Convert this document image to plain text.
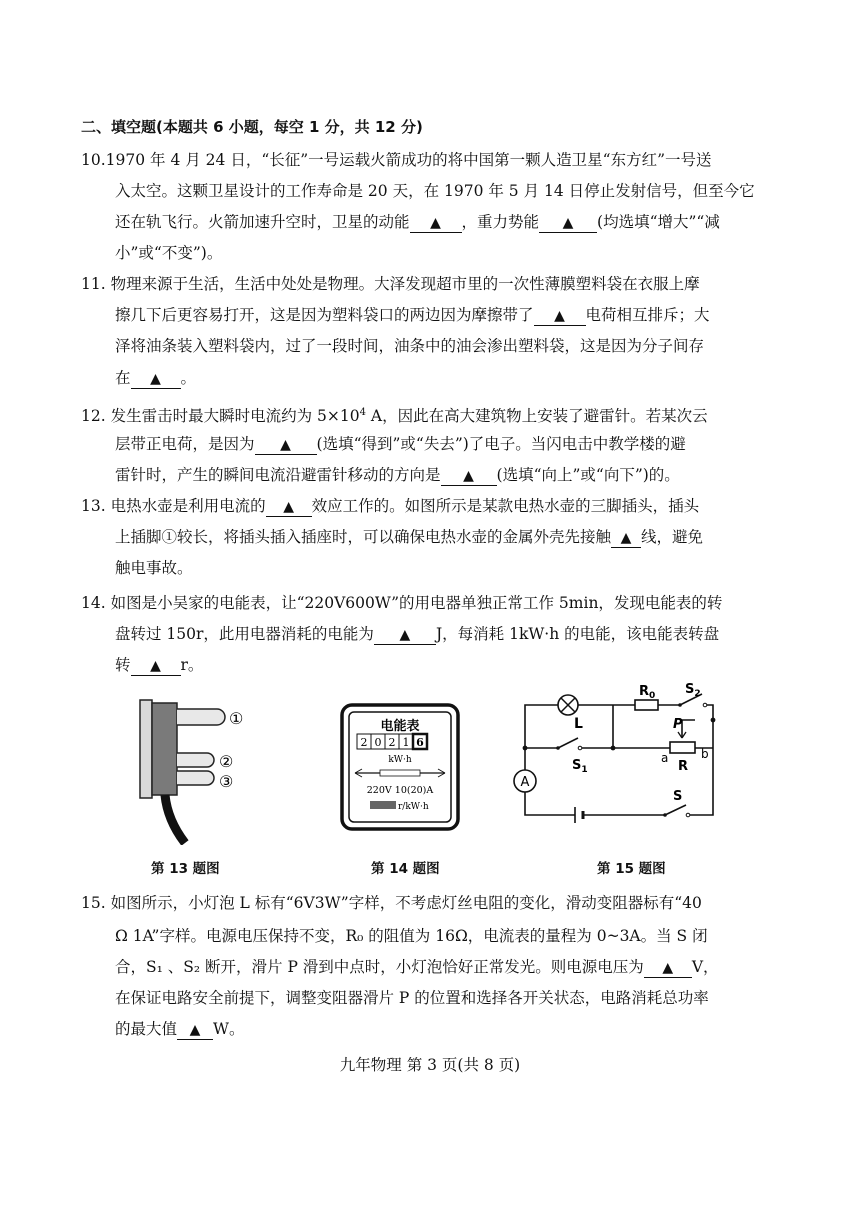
二、填空题(本题共 6 小题，每空 1 分，共 12 分)
10.1970 年 4 月 24 日，“长征”一号运载火箭成功的将中国第一颗人造卫星“东方红”一号送
入太空。这颗卫星设计的工作寿命是 20 天，在 1970 年 5 月 14 日停止发射信号，但至今它
还在轨飞行。火箭加速升空时，卫星的动能 ▲ ，重力势能 ▲ (均选填“增大”“减
小”或“不变”)。
11. 物理来源于生活，生活中处处是物理。大泽发现超市里的一次性薄膜塑料袋在衣服上摩
擦几下后更容易打开，这是因为塑料袋口的两边因为摩擦带了 ▲ 电荷相互排斥；大
泽将油条装入塑料袋内，过了一段时间，油条中的油会渗出塑料袋，这是因为分子间存
在 ▲ 。
12. 发生雷击时最大瞬时电流约为 $5\times 10^4$ A，因此在高大建筑物上安装了避雷针。若某次云
层带正电荷，是因为 ▲ (选填“得到”或“失去”)了电子。当闪电击中教学楼的避
雷针时，产生的瞬间电流沿避雷针移动的方向是 ▲ (选填“向上”或“向下”)的。
13. 电热水壶是利用电流的 ▲ 效应工作的。如图所示是某款电热水壶的三脚插头，插头
上插脚①较长，将插头插入插座时，可以确保电热水壶的金属外壳先接触 ▲ 线，避免
触电事故。
14. 如图是小吴家的电能表，让“220V600W”的用电器单独正常工作 5min，发现电能表的转
盘转过 150r，此用电器消耗的电能为 ▲ J，每消耗 1kW·h 的电能，该电能表转盘
转 ▲ r。
①
②
③
第 13 题图
电能表
2 0 2 1 6
kW·h
220V 10(20)A
r/kW·h
第 14 题图
L
$R_0$ $S_2$
$S_1$
P
a
R
b
A
S
第 15 题图
15. 如图所示，小灯泡 L 标有“6V3W”字样，不考虑灯丝电阻的变化，滑动变阻器标有“40
Ω 1A”字样。电源电压保持不变，R₀ 的阻值为 16Ω，电流表的量程为 0~3A。当 S 闭
合，S₁ 、S₂ 断开，滑片 P 滑到中点时，小灯泡恰好正常发光。则电源电压为 ▲ V，
在保证电路安全前提下，调整变阻器滑片 P 的位置和选择各开关状态，电路消耗总功率
的最大值 ▲ W。
九年物理 第 3 页(共 8 页)
